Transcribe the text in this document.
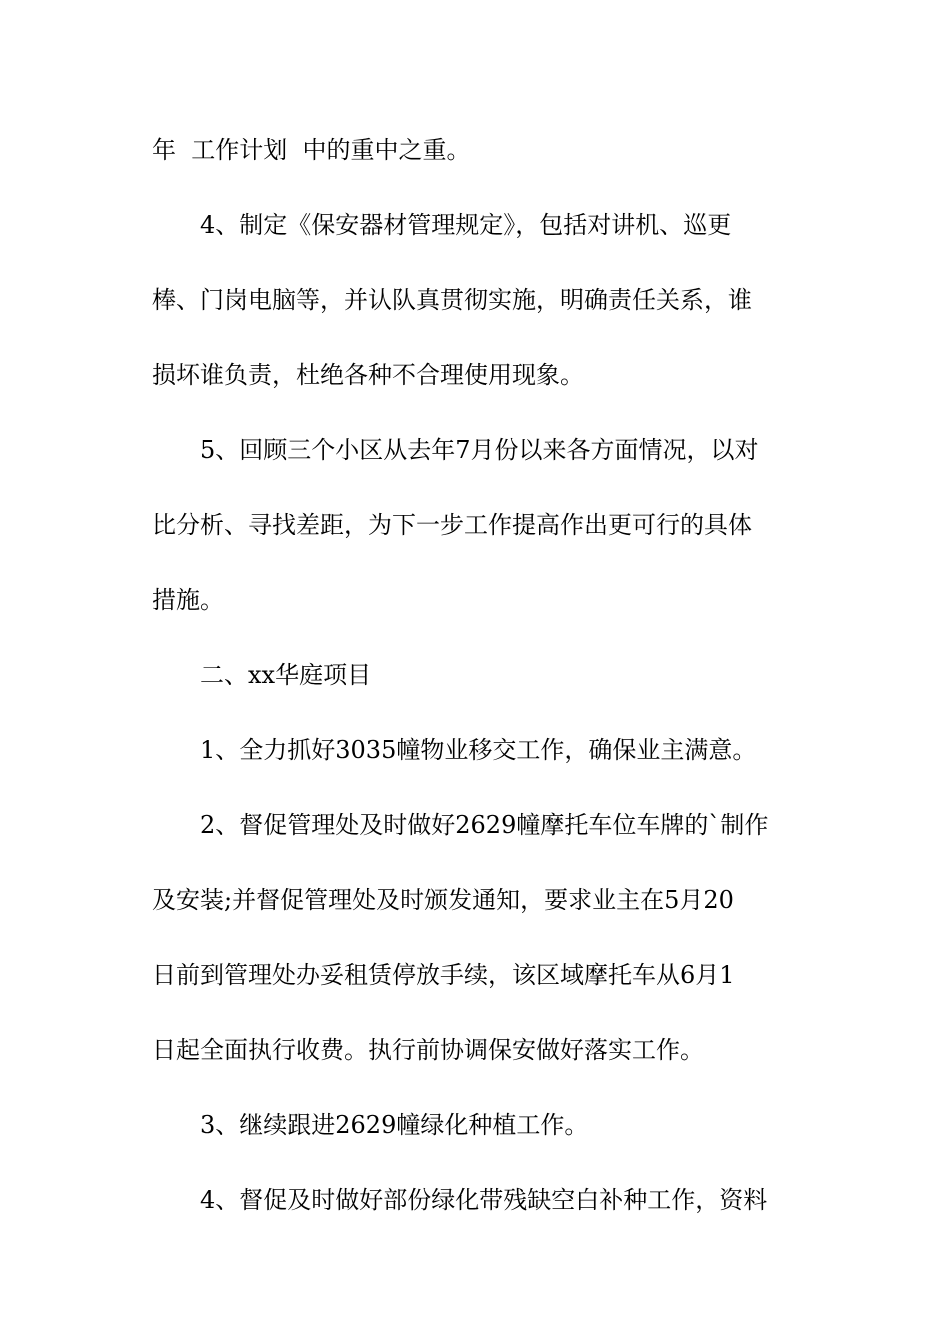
年  工作计划  中的重中之重。
4、制定《保安器材管理规定》，包括对讲机、巡更
棒、门岗电脑等，并认队真贯彻实施，明确责任关系，谁
损坏谁负责，杜绝各种不合理使用现象。
5、回顾三个小区从去年7月份以来各方面情况，以对
比分析、寻找差距，为下一步工作提高作出更可行的具体
措施。
二、xx华庭项目
1、全力抓好3035幢物业移交工作，确保业主满意。
2、督促管理处及时做好2629幢摩托车位车牌的`制作
及安装;并督促管理处及时颁发通知，要求业主在5月20
日前到管理处办妥租赁停放手续，该区域摩托车从6月1
日起全面执行收费。执行前协调保安做好落实工作。
3、继续跟进2629幢绿化种植工作。
4、督促及时做好部份绿化带残缺空白补种工作，资料
